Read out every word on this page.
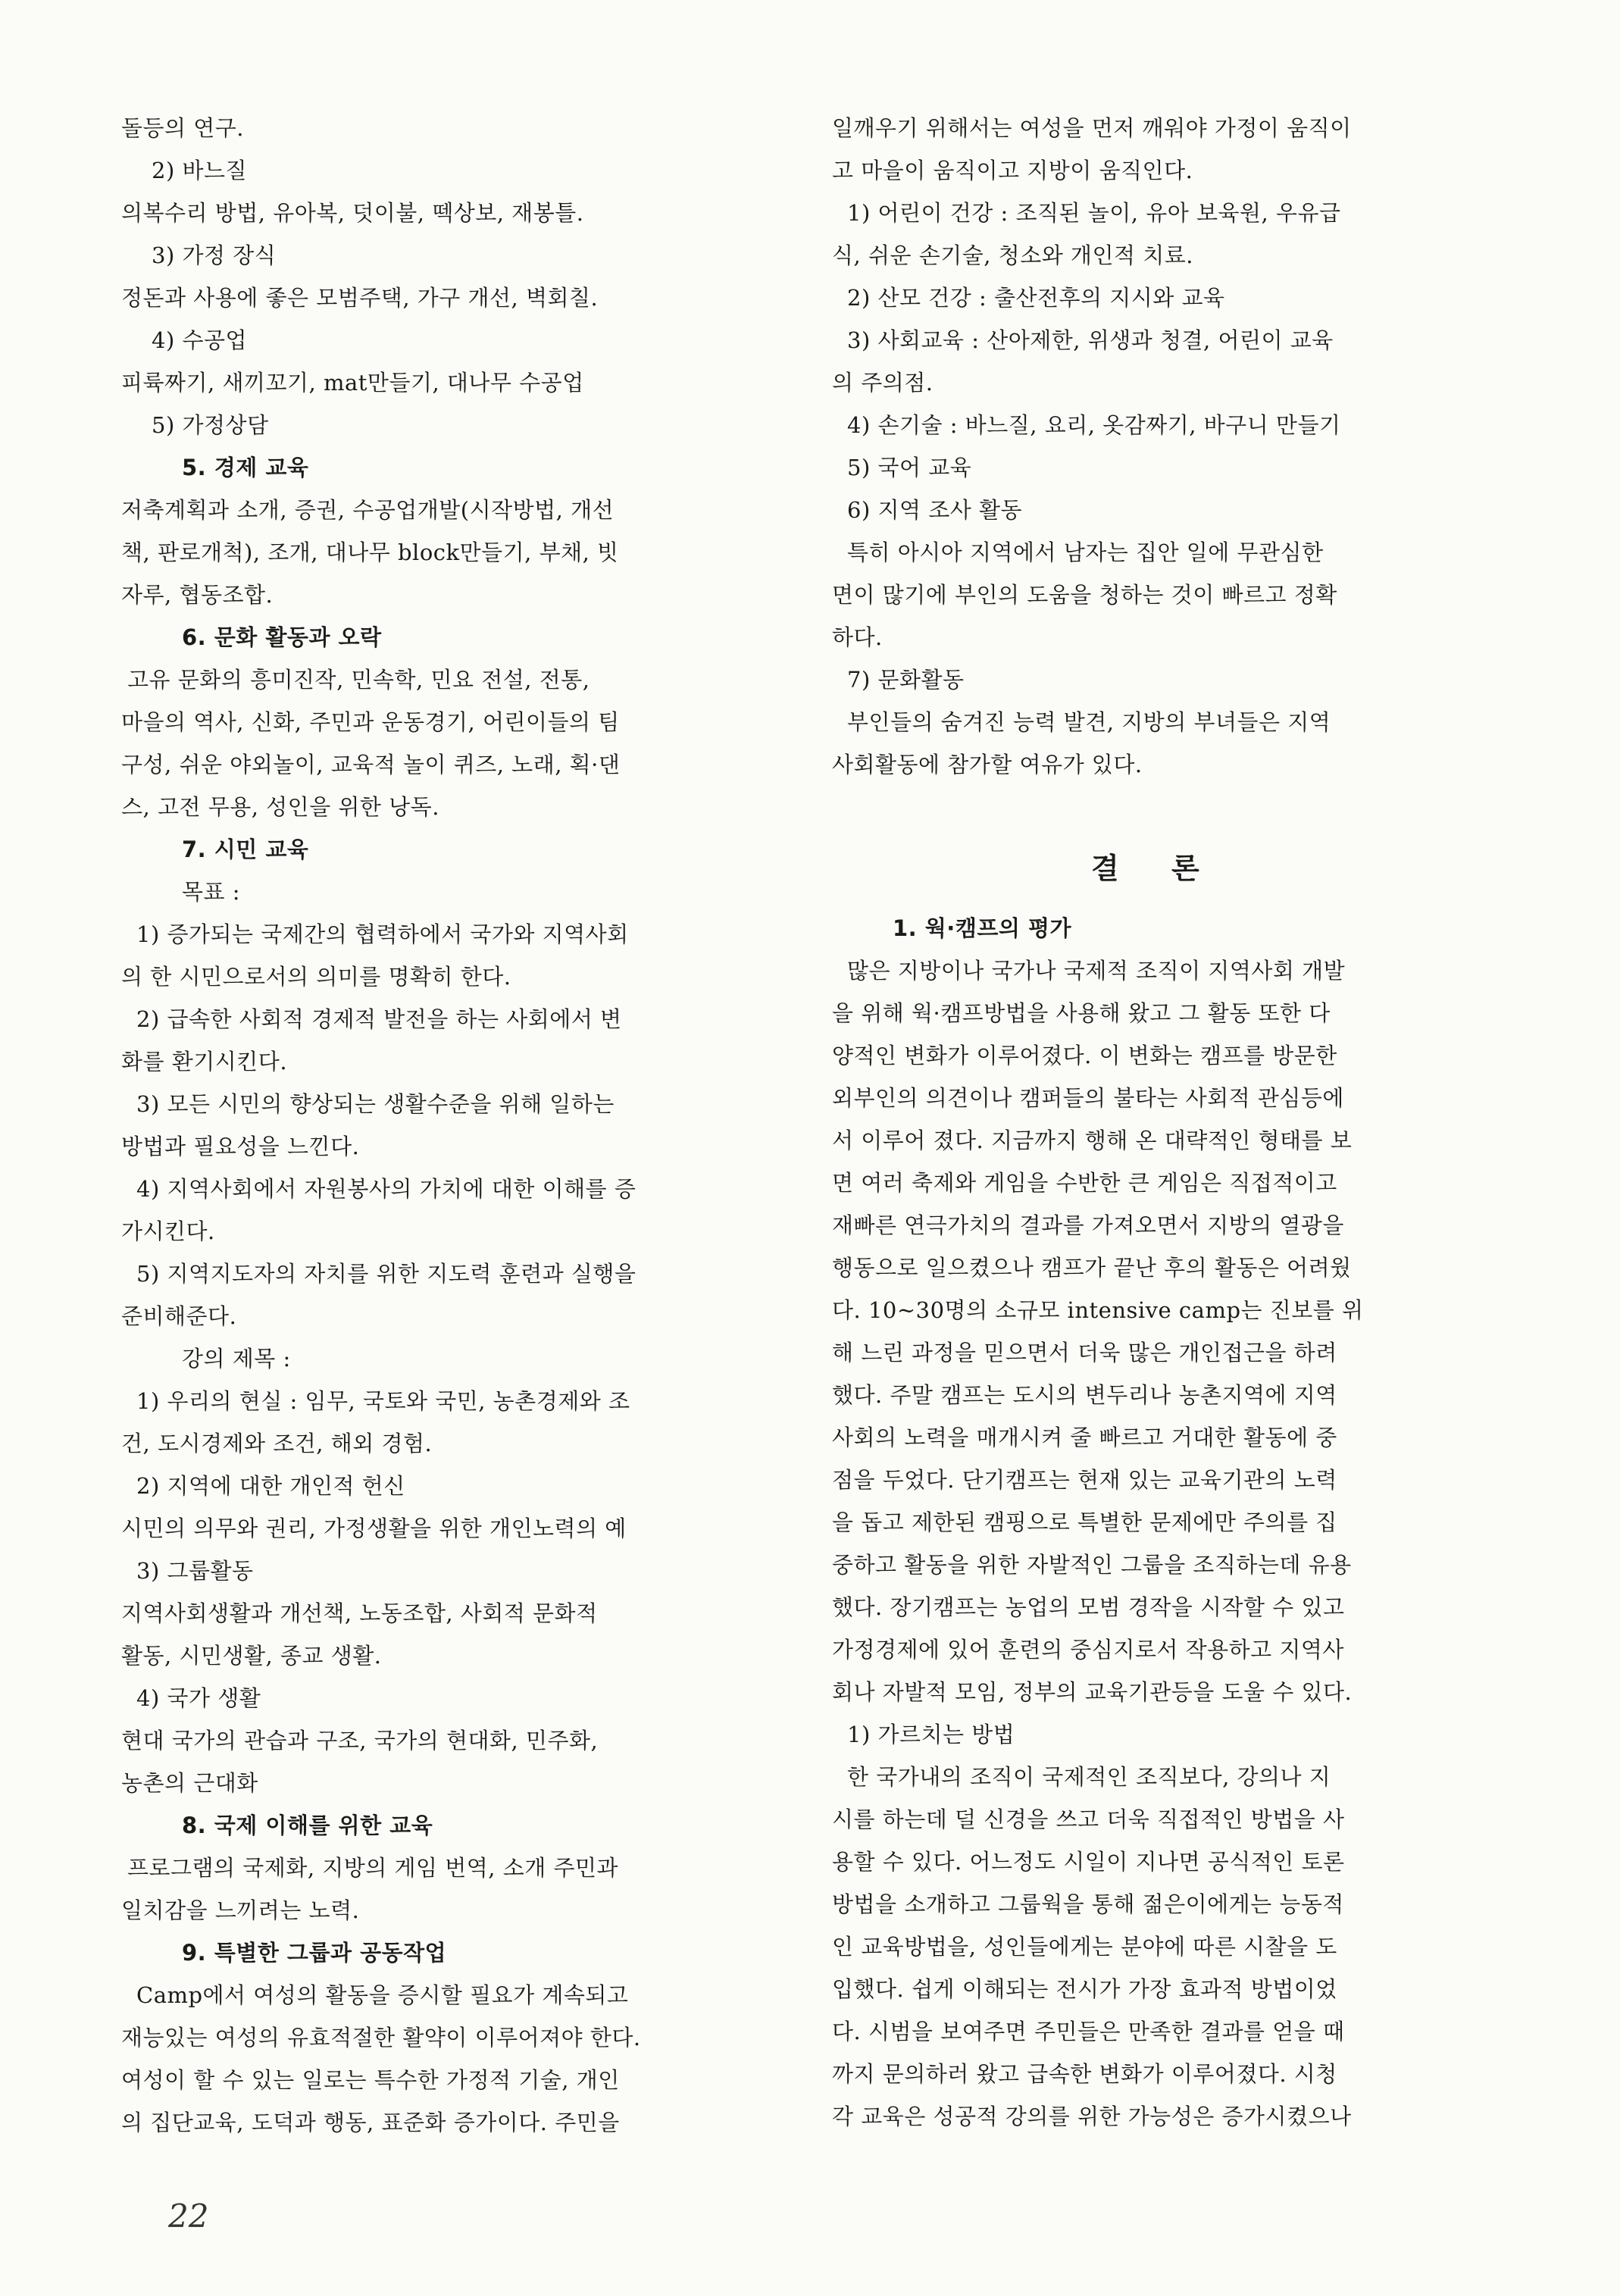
돌등의 연구.
2) 바느질
의복수리 방법, 유아복, 덧이불, 떽상보, 재봉틀.
3) 가정 장식
정돈과 사용에 좋은 모범주택, 가구 개선, 벽회칠.
4) 수공업
피륙짜기, 새끼꼬기, mat만들기, 대나무 수공업
5) 가정상담
5. 경제 교육
저축계획과 소개, 증권, 수공업개발(시작방법, 개선
책, 판로개척), 조개, 대나무 block만들기, 부채, 빗
자루, 협동조합.
6. 문화 활동과 오락
고유 문화의 흥미진작, 민속학, 민요 전설, 전통,
마을의 역사, 신화, 주민과 운동경기, 어린이들의 팀
구성, 쉬운 야외놀이, 교육적 놀이 퀴즈, 노래, 획·댄
스, 고전 무용, 성인을 위한 낭독.
7. 시민 교육
목표 :
1) 증가되는 국제간의 협력하에서 국가와 지역사회
의 한 시민으로서의 의미를 명확히 한다.
2) 급속한 사회적 경제적 발전을 하는 사회에서 변
화를 환기시킨다.
3) 모든 시민의 향상되는 생활수준을 위해 일하는
방법과 필요성을 느낀다.
4) 지역사회에서 자원봉사의 가치에 대한 이해를 증
가시킨다.
5) 지역지도자의 자치를 위한 지도력 훈련과 실행을
준비해준다.
강의 제목 :
1) 우리의 현실 : 임무, 국토와 국민, 농촌경제와 조
건, 도시경제와 조건, 해외 경험.
2) 지역에 대한 개인적 헌신
시민의 의무와 권리, 가정생활을 위한 개인노력의 예
3) 그룹활동
지역사회생활과 개선책, 노동조합, 사회적 문화적
활동, 시민생활, 종교 생활.
4) 국가 생활
현대 국가의 관습과 구조, 국가의 현대화, 민주화,
농촌의 근대화
8. 국제 이해를 위한 교육
프로그램의 국제화, 지방의 게임 번역, 소개 주민과
일치감을 느끼려는 노력.
9. 특별한 그룹과 공동작업
Camp에서 여성의 활동을 증시할 필요가 계속되고
재능있는 여성의 유효적절한 활약이 이루어져야 한다.
여성이 할 수 있는 일로는 특수한 가정적 기술, 개인
의 집단교육, 도덕과 행동, 표준화 증가이다. 주민을
일깨우기 위해서는 여성을 먼저 깨워야 가정이 움직이
고 마을이 움직이고 지방이 움직인다.
1) 어린이 건강 : 조직된 놀이, 유아 보육원, 우유급
식, 쉬운 손기술, 청소와 개인적 치료.
2) 산모 건강 : 출산전후의 지시와 교육
3) 사회교육 : 산아제한, 위생과 청결, 어린이 교육
의 주의점.
4) 손기술 : 바느질, 요리, 옷감짜기, 바구니 만들기
5) 국어 교육
6) 지역 조사 활동
특히 아시아 지역에서 남자는 집안 일에 무관심한
면이 많기에 부인의 도움을 청하는 것이 빠르고 정확
하다.
7) 문화활동
부인들의 숨겨진 능력 발견, 지방의 부녀들은 지역
사회활동에 참가할 여유가 있다.
결 론
1. 웍·캠프의 평가
많은 지방이나 국가나 국제적 조직이 지역사회 개발
을 위해 웍·캠프방법을 사용해 왔고 그 활동 또한 다
양적인 변화가 이루어졌다. 이 변화는 캠프를 방문한
외부인의 의견이나 캠퍼들의 불타는 사회적 관심등에
서 이루어 졌다. 지금까지 행해 온 대략적인 형태를 보
면 여러 축제와 게임을 수반한 큰 게임은 직접적이고
재빠른 연극가치의 결과를 가져오면서 지방의 열광을
행동으로 일으켰으나 캠프가 끝난 후의 활동은 어려웠
다. 10~30명의 소규모 intensive camp는 진보를 위
해 느린 과정을 믿으면서 더욱 많은 개인접근을 하려
했다. 주말 캠프는 도시의 변두리나 농촌지역에 지역
사회의 노력을 매개시켜 줄 빠르고 거대한 활동에 중
점을 두었다. 단기캠프는 현재 있는 교육기관의 노력
을 돕고 제한된 캠핑으로 특별한 문제에만 주의를 집
중하고 활동을 위한 자발적인 그룹을 조직하는데 유용
했다. 장기캠프는 농업의 모범 경작을 시작할 수 있고
가정경제에 있어 훈련의 중심지로서 작용하고 지역사
회나 자발적 모임, 정부의 교육기관등을 도울 수 있다.
1) 가르치는 방법
한 국가내의 조직이 국제적인 조직보다, 강의나 지
시를 하는데 덜 신경을 쓰고 더욱 직접적인 방법을 사
용할 수 있다. 어느정도 시일이 지나면 공식적인 토론
방법을 소개하고 그룹웍을 통해 젊은이에게는 능동적
인 교육방법을, 성인들에게는 분야에 따른 시찰을 도
입했다. 쉽게 이해되는 전시가 가장 효과적 방법이었
다. 시범을 보여주면 주민들은 만족한 결과를 얻을 때
까지 문의하러 왔고 급속한 변화가 이루어졌다. 시청
각 교육은 성공적 강의를 위한 가능성은 증가시켰으나
22
